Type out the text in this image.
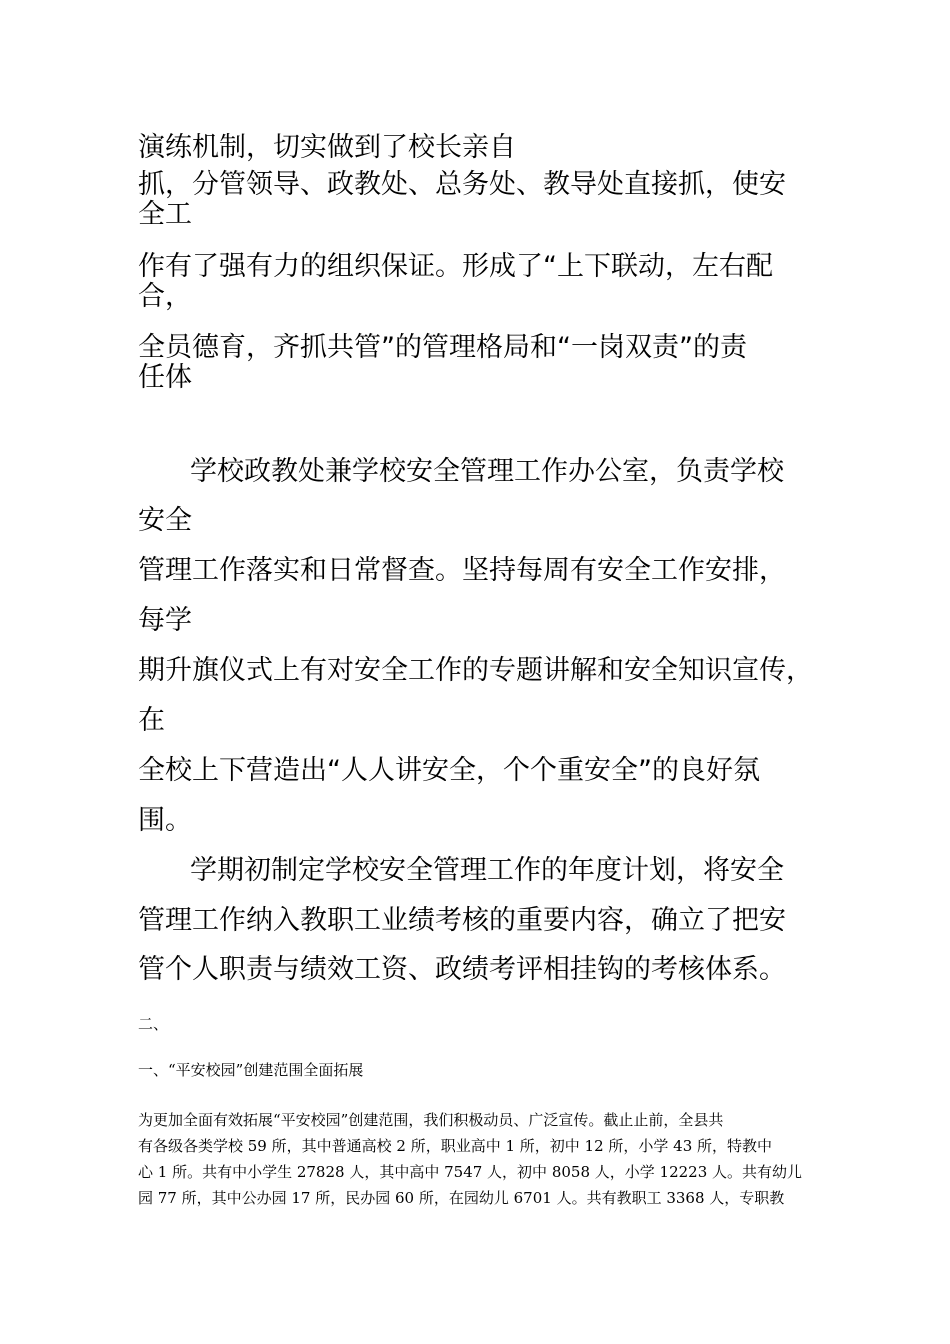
演练机制，切实做到了校长亲自

抓，分管领导、政教处、总务处、教导处直接抓，使安

全工

作有了强有力的组织保证。形成了“上下联动，左右配

合，

全员德育，齐抓共管”的管理格局和“一岗双责”的责

任体

学校政教处兼学校安全管理工作办公室，负责学校

安全

管理工作落实和日常督查。坚持每周有安全工作安排，

每学

期升旗仪式上有对安全工作的专题讲解和安全知识宣传，

在

全校上下营造出“人人讲安全，个个重安全”的良好氛

围。

学期初制定学校安全管理工作的年度计划，将安全

管理工作纳入教职工业绩考核的重要内容，确立了把安

管个人职责与绩效工资、政绩考评相挂钩的考核体系。

二、

一、“平安校园”创建范围全面拓展

为更加全面有效拓展“平安校园”创建范围，我们积极动员、广泛宣传。截止止前，全县共

有各级各类学校 59 所，其中普通高校 2 所，职业高中 1 所，初中 12 所，小学 43 所，特教中

心 1 所。共有中小学生 27828 人，其中高中 7547 人，初中 8058 人，小学 12223 人。共有幼儿

园 77 所，其中公办园 17 所，民办园 60 所，在园幼儿 6701 人。共有教职工 3368 人，专职教
